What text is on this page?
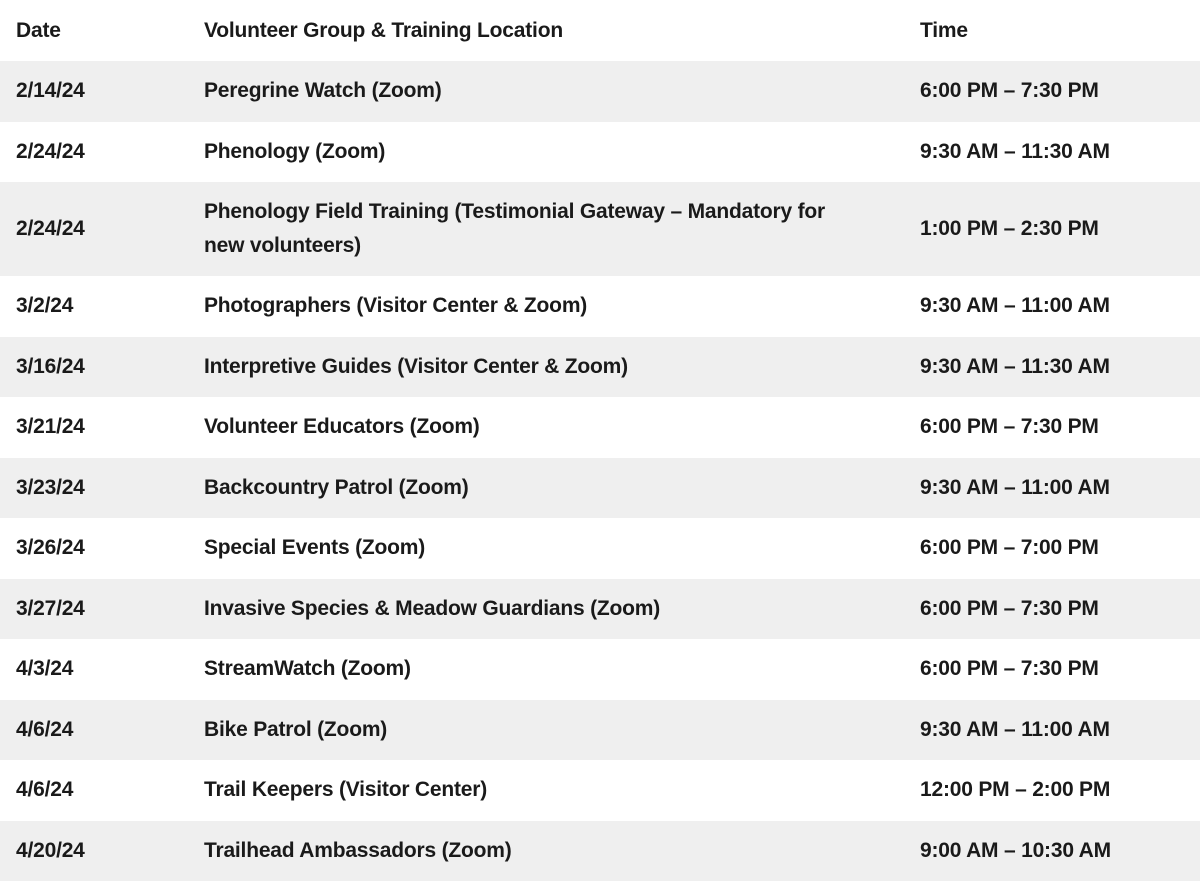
Date	Volunteer Group & Training Location	Time
2/14/24	Peregrine Watch (Zoom)	6:00 PM – 7:30 PM
2/24/24	Phenology (Zoom)	9:30 AM – 11:30 AM
2/24/24	Phenology Field Training (Testimonial Gateway – Mandatory for new volunteers)	1:00 PM – 2:30 PM
3/2/24	Photographers (Visitor Center & Zoom)	9:30 AM – 11:00 AM
3/16/24	Interpretive Guides (Visitor Center & Zoom)	9:30 AM – 11:30 AM
3/21/24	Volunteer Educators (Zoom)	6:00 PM – 7:30 PM
3/23/24	Backcountry Patrol (Zoom)	9:30 AM – 11:00 AM
3/26/24	Special Events (Zoom)	6:00 PM – 7:00 PM
3/27/24	Invasive Species & Meadow Guardians (Zoom)	6:00 PM – 7:30 PM
4/3/24	StreamWatch (Zoom)	6:00 PM – 7:30 PM
4/6/24	Bike Patrol (Zoom)	9:30 AM – 11:00 AM
4/6/24	Trail Keepers (Visitor Center)	12:00 PM – 2:00 PM
4/20/24	Trailhead Ambassadors (Zoom)	9:00 AM – 10:30 AM
